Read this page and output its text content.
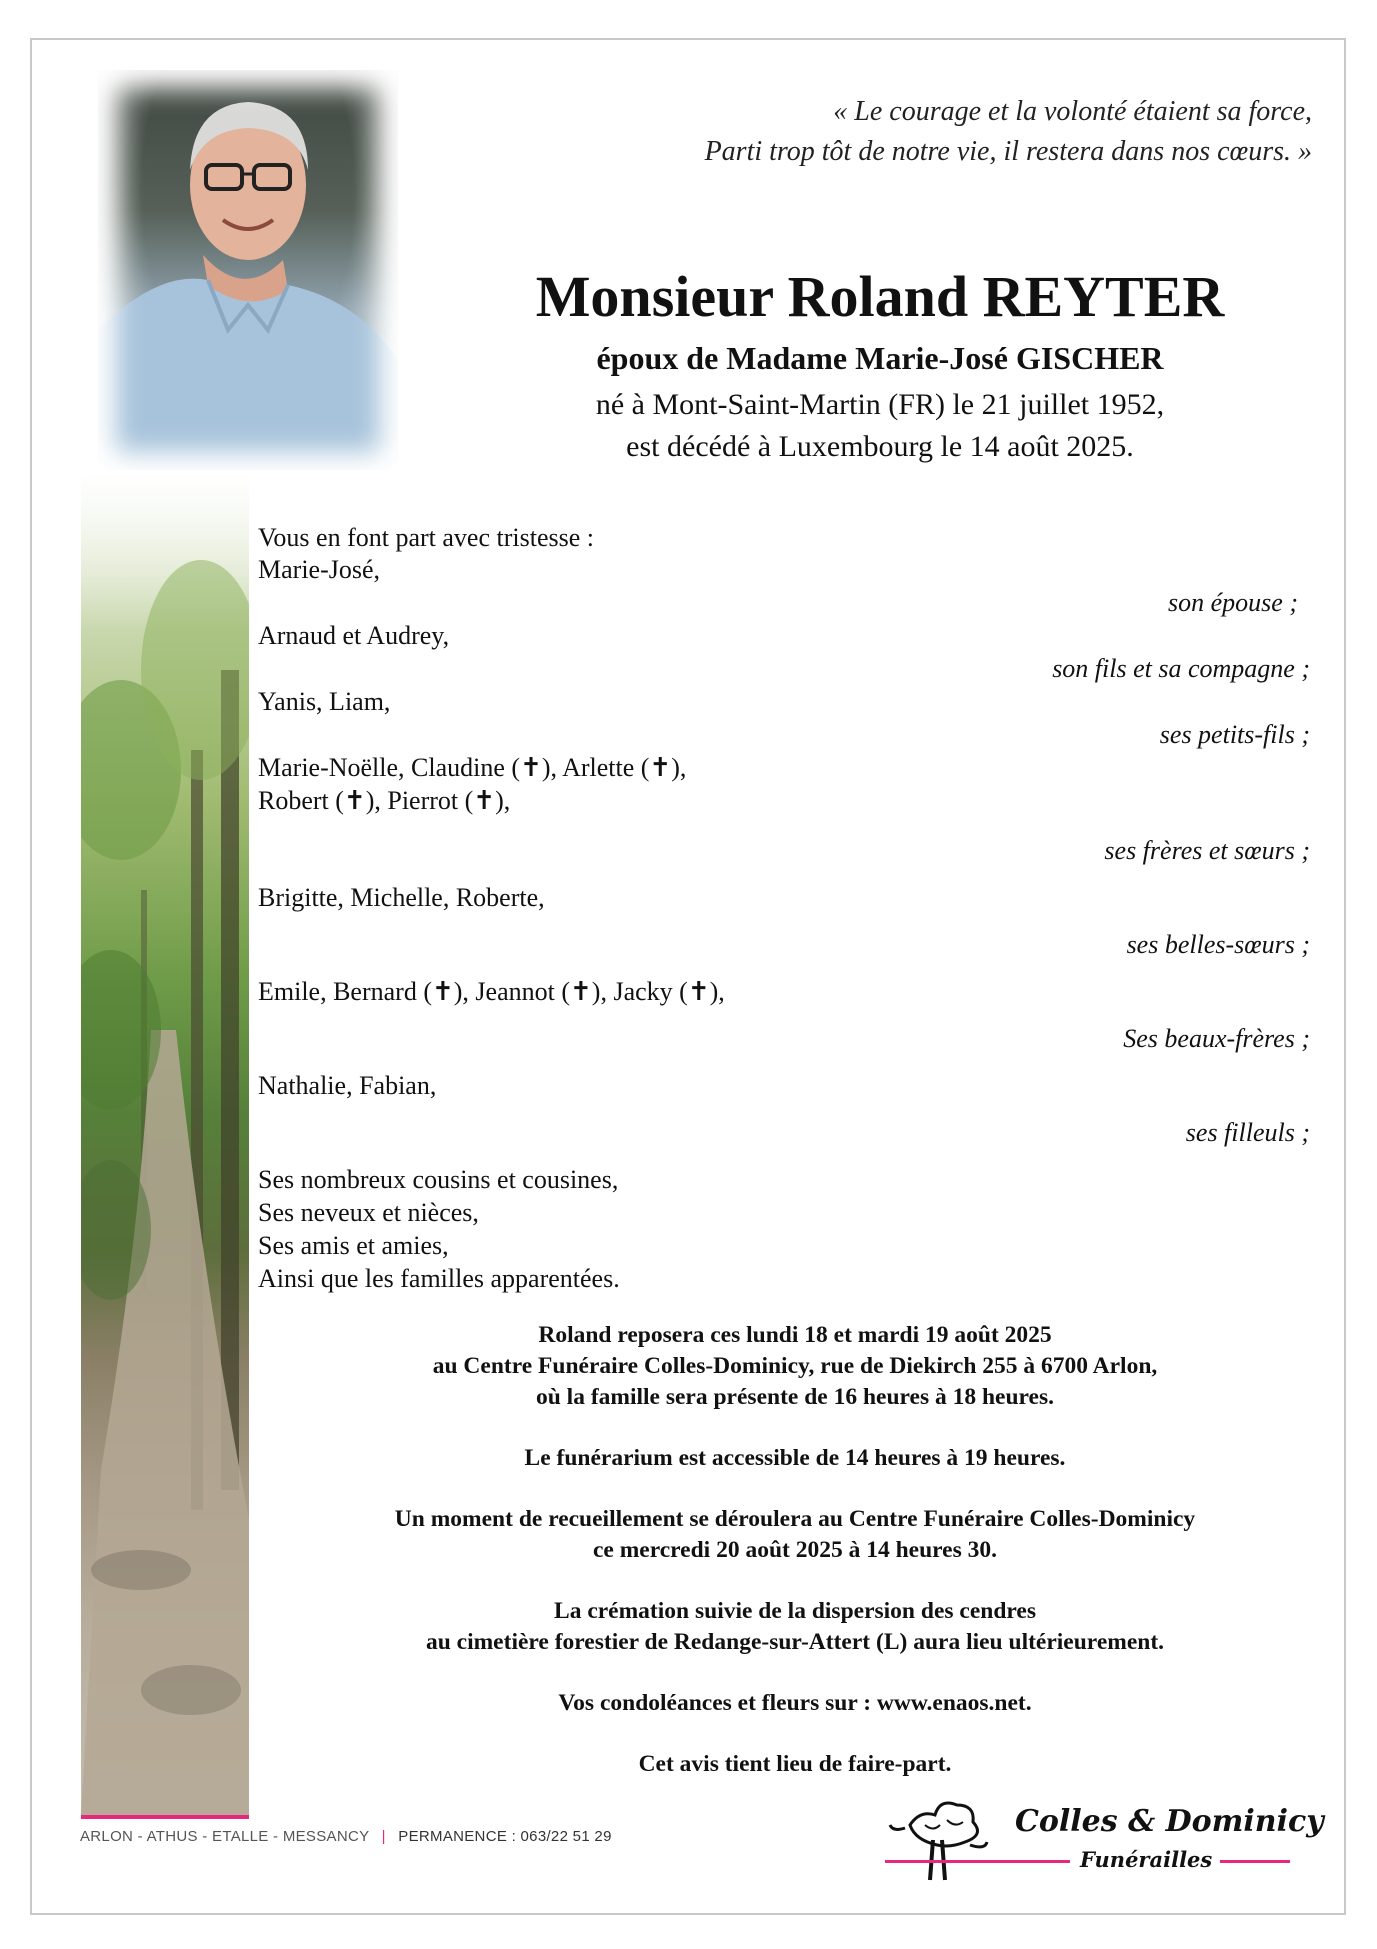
« Le courage et la volonté étaient sa force,
Parti trop tôt de notre vie, il restera dans nos cœurs. »
Monsieur Roland REYTER
époux de Madame Marie-José GISCHER
né à Mont-Saint-Martin (FR) le 21 juillet 1952,
est décédé à Luxembourg le 14 août 2025.
Vous en font part avec tristesse :
Marie-José,
son épouse ;
Arnaud et Audrey,
son fils et sa compagne ;
Yanis, Liam,
ses petits-fils ;
Marie-Noëlle, Claudine (✝), Arlette (✝),
Robert (✝), Pierrot (✝),
ses frères et sœurs ;
Brigitte, Michelle, Roberte,
ses belles-sœurs ;
Emile, Bernard (✝), Jeannot (✝), Jacky (✝),
Ses beaux-frères ;
Nathalie, Fabian,
ses filleuls ;
Ses nombreux cousins et cousines,
Ses neveux et nièces,
Ses amis et amies,
Ainsi que les familles apparentées.

Roland reposera ces lundi 18 et mardi 19 août 2025
au Centre Funéraire Colles-Dominicy, rue de Diekirch 255 à 6700 Arlon,
où la famille sera présente de 16 heures à 18 heures.

Le funérarium est accessible de 14 heures à 19 heures.

Un moment de recueillement se déroulera au Centre Funéraire Colles-Dominicy
ce mercredi 20 août 2025 à 14 heures 30.

La crémation suivie de la dispersion des cendres
au cimetière forestier de Redange-sur-Attert (L) aura lieu ultérieurement.

Vos condoléances et fleurs sur : www.enaos.net.

Cet avis tient lieu de faire-part.

ARLON - ATHUS - ETALLE - MESSANCY | PERMANENCE : 063/22 51 29	Colles & Dominicy
Funérailles
